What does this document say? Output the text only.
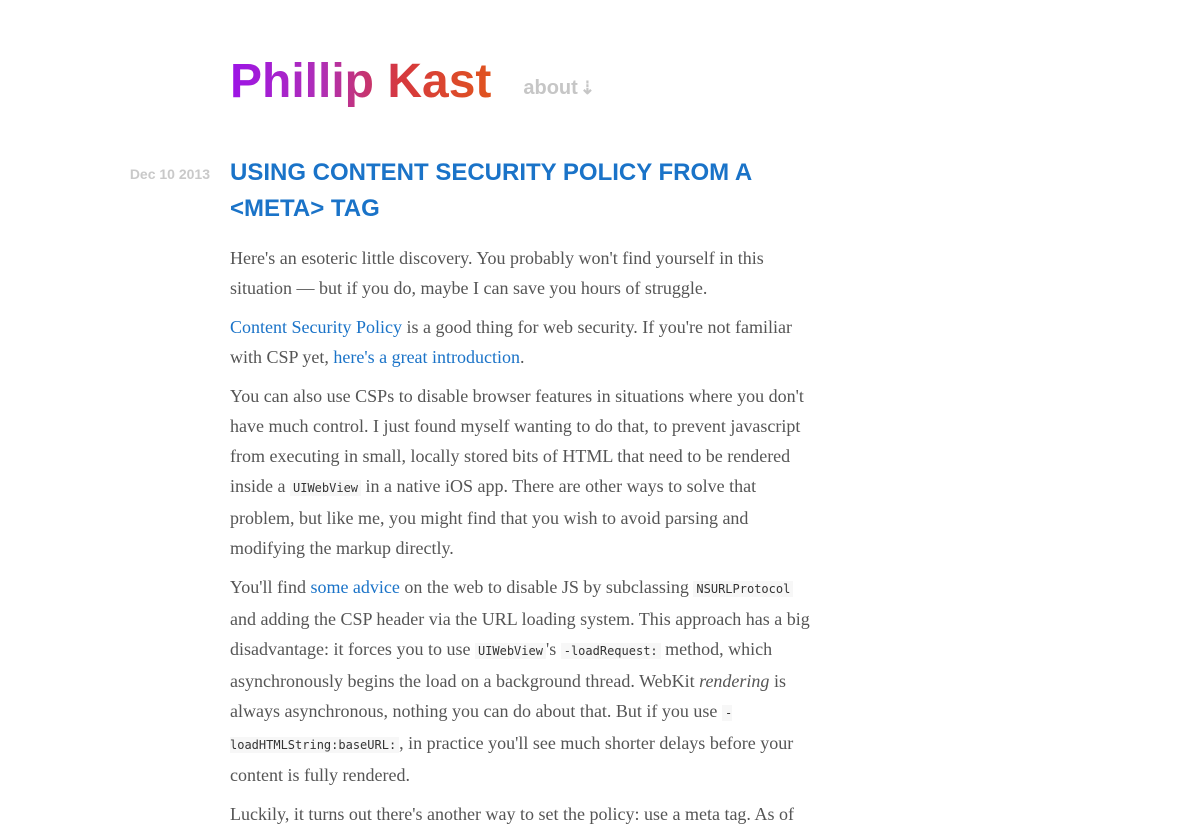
Phillip Kast about ⇣
Dec 10 2013 USING CONTENT SECURITY POLICY FROM A <META> TAG

Here's an esoteric little discovery. You probably won't find yourself in this situation — but if you do, maybe I can save you hours of struggle.

Content Security Policy is a good thing for web security. If you're not familiar with CSP yet, here's a great introduction.

You can also use CSPs to disable browser features in situations where you don't have much control. I just found myself wanting to do that, to prevent javascript from executing in small, locally stored bits of HTML that need to be rendered inside a UIWebView in a native iOS app. There are other ways to solve that problem, but like me, you might find that you wish to avoid parsing and modifying the markup directly.

You'll find some advice on the web to disable JS by subclassing NSURLProtocol and adding the CSP header via the URL loading system. This approach has a big disadvantage: it forces you to use UIWebView 's -loadRequest: method, which asynchronously begins the load on a background thread. WebKit rendering is always asynchronous, nothing you can do about that. But if you use -loadHTMLString:baseURL: , in practice you'll see much shorter delays before your content is fully rendered.

Luckily, it turns out there's another way to set the policy: use a meta tag. As of
